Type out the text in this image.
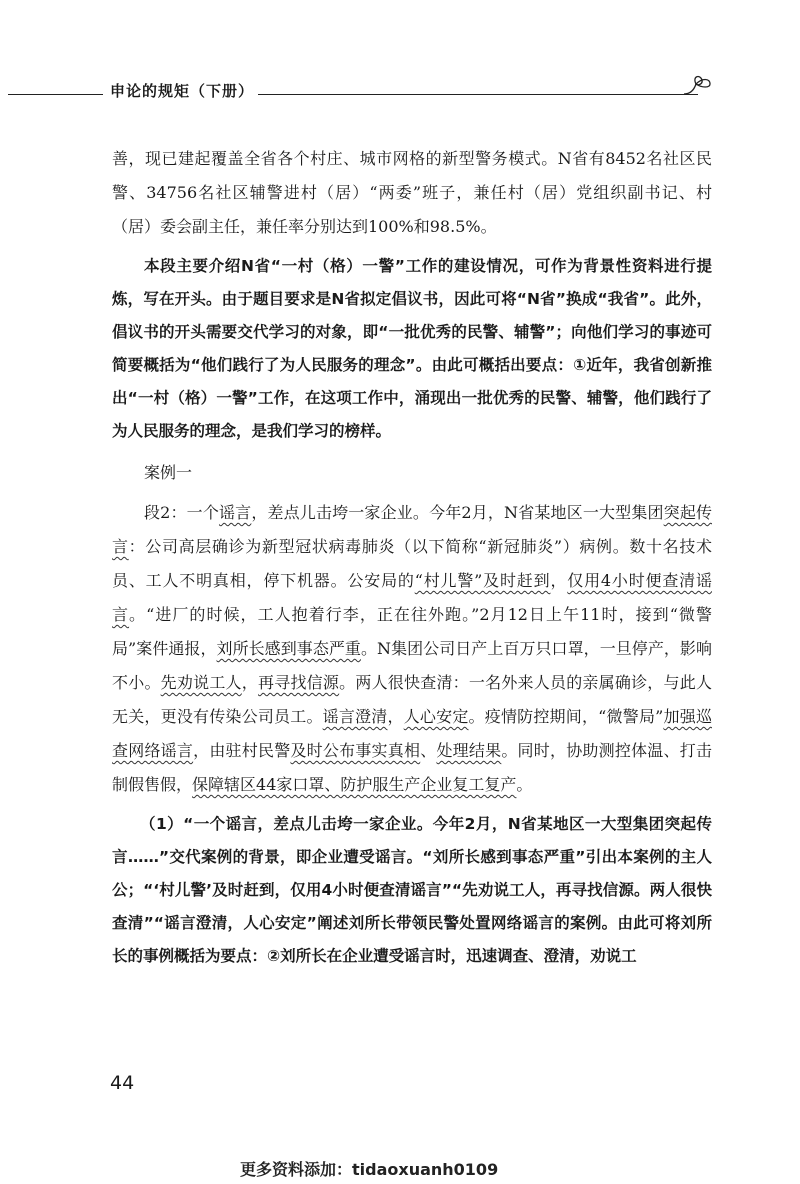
申论的规矩（下册）

善，现已建起覆盖全省各个村庄、城市网格的新型警务模式。N省有8452名社区民警、34756名社区辅警进村（居）“两委”班子，兼任村（居）党组织副书记、村（居）委会副主任，兼任率分别达到100%和98.5%。

本段主要介绍N省“一村（格）一警”工作的建设情况，可作为背景性资料进行提炼，写在开头。由于题目要求是N省拟定倡议书，因此可将“N省”换成“我省”。此外，倡议书的开头需要交代学习的对象，即“一批优秀的民警、辅警”；向他们学习的事迹可简要概括为“他们践行了为人民服务的理念”。由此可概括出要点：①近年，我省创新推出“一村（格）一警”工作，在这项工作中，涌现出一批优秀的民警、辅警，他们践行了为人民服务的理念，是我们学习的榜样。

案例一

段2：一个谣言，差点儿击垮一家企业。今年2月，N省某地区一大型集团突起传言：公司高层确诊为新型冠状病毒肺炎（以下简称“新冠肺炎”）病例。数十名技术员、工人不明真相，停下机器。公安局的“村儿警”及时赶到，仅用4小时便查清谣言。“进厂的时候，工人抱着行李，正在往外跑。”2月12日上午11时，接到“微警局”案件通报，刘所长感到事态严重。N集团公司日产上百万只口罩，一旦停产，影响不小。先劝说工人，再寻找信源。两人很快查清：一名外来人员的亲属确诊，与此人无关，更没有传染公司员工。谣言澄清，人心安定。疫情防控期间，“微警局”加强巡查网络谣言，由驻村民警及时公布事实真相、处理结果。同时，协助测控体温、打击制假售假，保障辖区44家口罩、防护服生产企业复工复产。

（1）“一个谣言，差点儿击垮一家企业。今年2月，N省某地区一大型集团突起传言……”交代案例的背景，即企业遭受谣言。“刘所长感到事态严重”引出本案例的主人公；“‘村儿警’及时赶到，仅用4小时便查清谣言”“先劝说工人，再寻找信源。两人很快查清”“谣言澄清，人心安定”阐述刘所长带领民警处置网络谣言的案例。由此可将刘所长的事例概括为要点：②刘所长在企业遭受谣言时，迅速调查、澄清，劝说工

44
更多资料添加：tidaoxuanh0109
